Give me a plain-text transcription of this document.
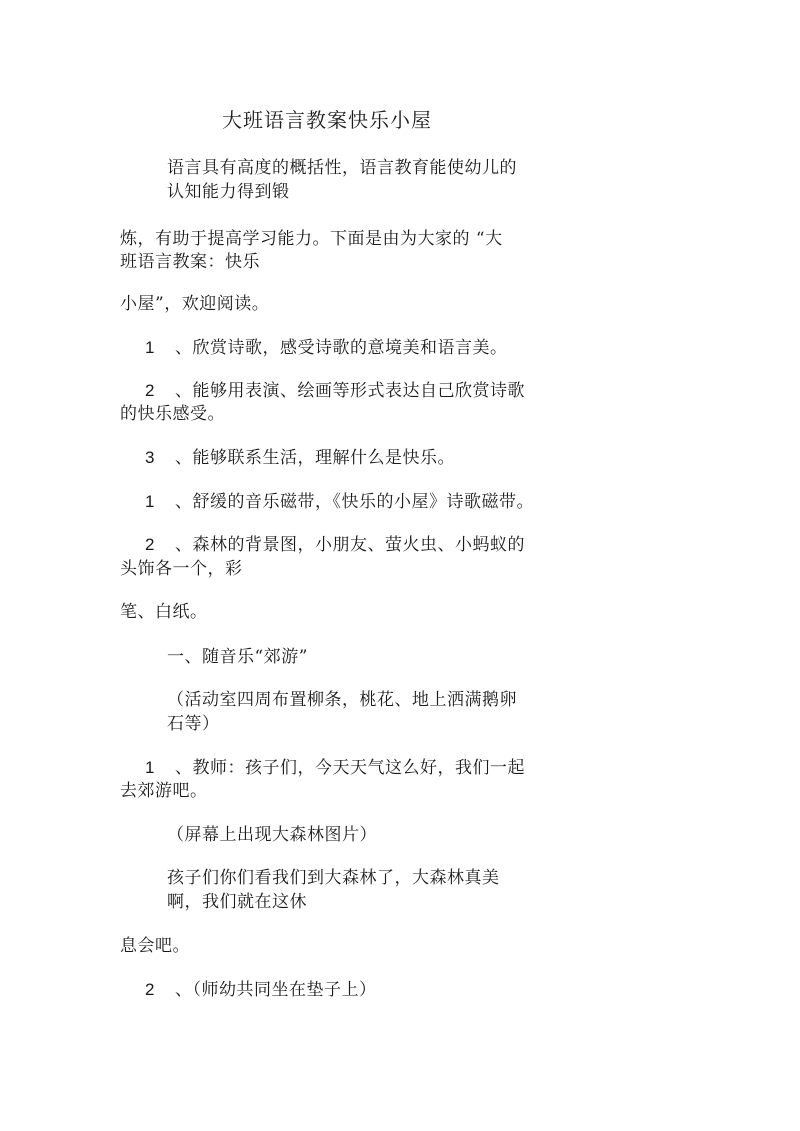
大班语言教案快乐小屋
语言具有高度的概括性，语言教育能使幼儿的
认知能力得到锻
炼，有助于提高学习能力。下面是由为大家的 “大
班语言教案：快乐
小屋”，欢迎阅读。
1 、欣赏诗歌，感受诗歌的意境美和语言美。
2 、能够用表演、绘画等形式表达自己欣赏诗歌
的快乐感受。
3 、能够联系生活，理解什么是快乐。
1 、舒缓的音乐磁带，《快乐的小屋》诗歌磁带。
2 、森林的背景图，小朋友、萤火虫、小蚂蚁的
头饰各一个，彩
笔、白纸。
一、随音乐“郊游”
（活动室四周布置柳条，桃花、地上洒满鹅卵
石等）
1 、教师：孩子们，今天天气这么好，我们一起
去郊游吧。
（屏幕上出现大森林图片）
孩子们你们看我们到大森林了，大森林真美
啊，我们就在这休
息会吧。
2 、（师幼共同坐在垫子上）
